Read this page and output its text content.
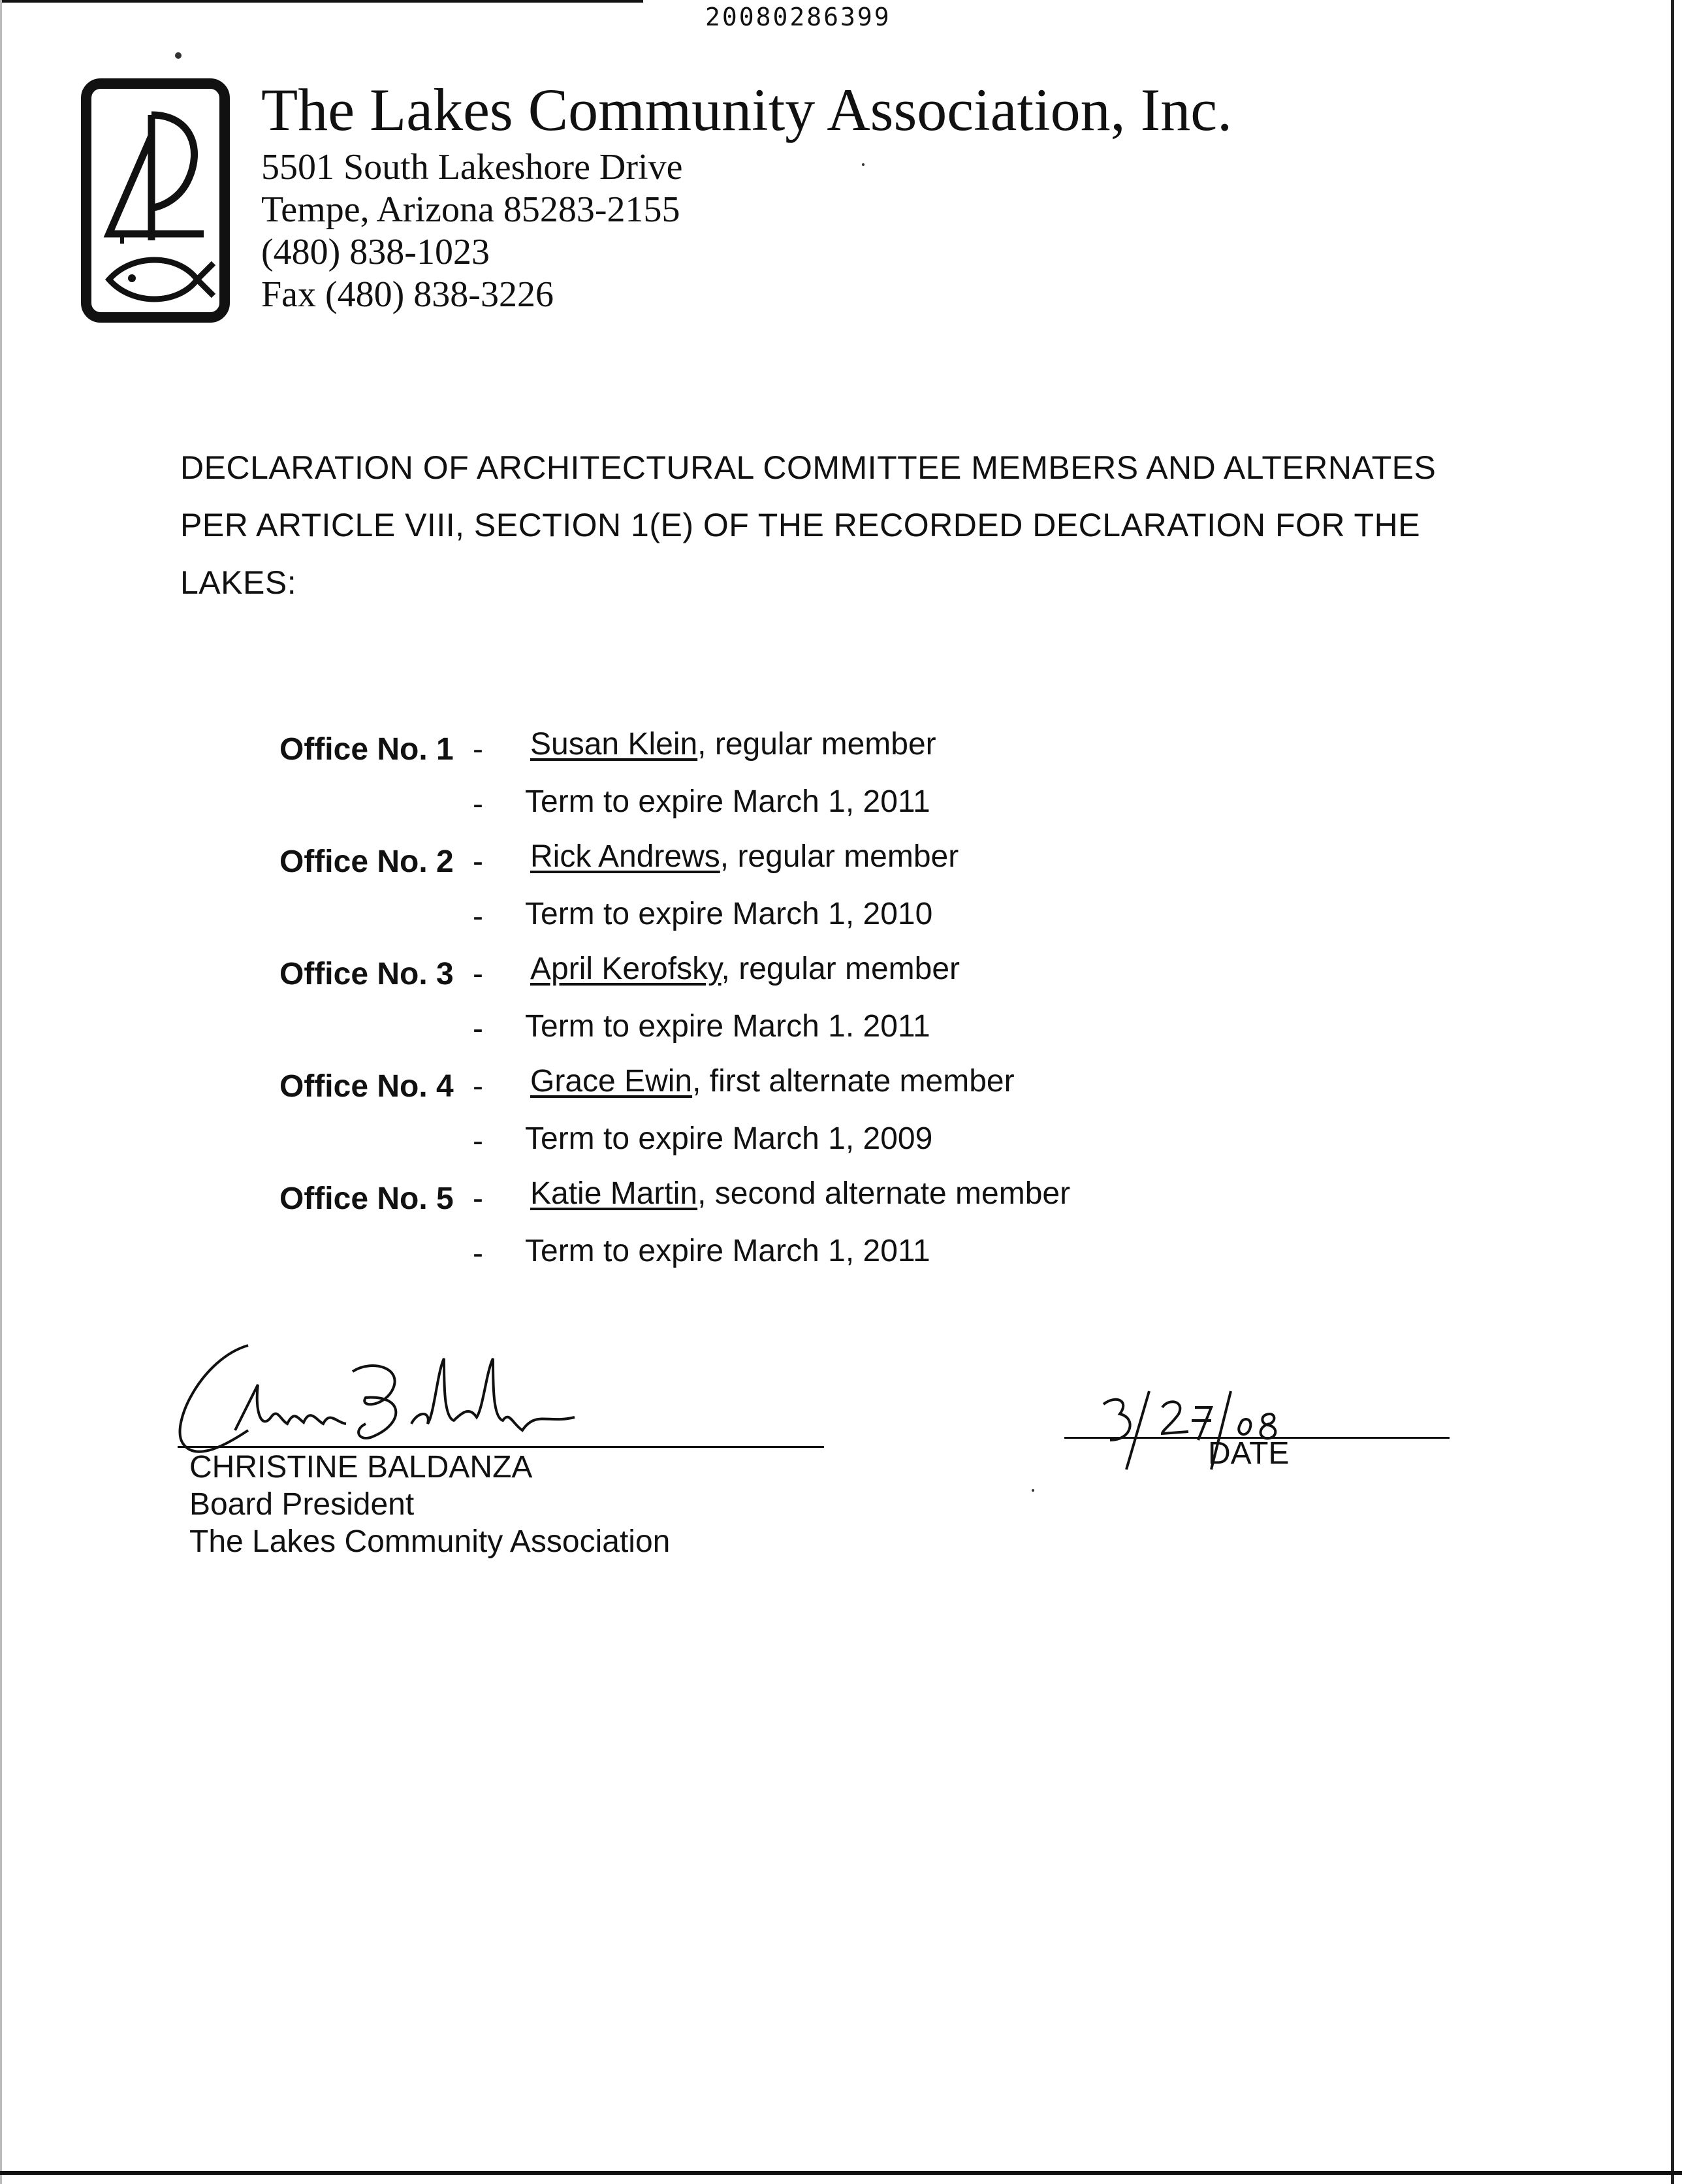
20080286399
The Lakes Community Association, Inc.
5501 South Lakeshore Drive
Tempe, Arizona 85283-2155
(480) 838-1023
Fax (480) 838-3226
DECLARATION OF ARCHITECTURAL COMMITTEE MEMBERS AND ALTERNATES
PER ARTICLE VIII, SECTION 1(E) OF THE RECORDED DECLARATION FOR THE
LAKES:
Office No. 1 - Susan Klein, regular member
- Term to expire March 1, 2011
Office No. 2 - Rick Andrews, regular member
- Term to expire March 1, 2010
Office No. 3 - April Kerofsky, regular member
- Term to expire March 1. 2011
Office No. 4 - Grace Ewin, first alternate member
- Term to expire March 1, 2009
Office No. 5 - Katie Martin, second alternate member
- Term to expire March 1, 2011
CHRISTINE BALDANZA
Board President
The Lakes Community Association
DATE
